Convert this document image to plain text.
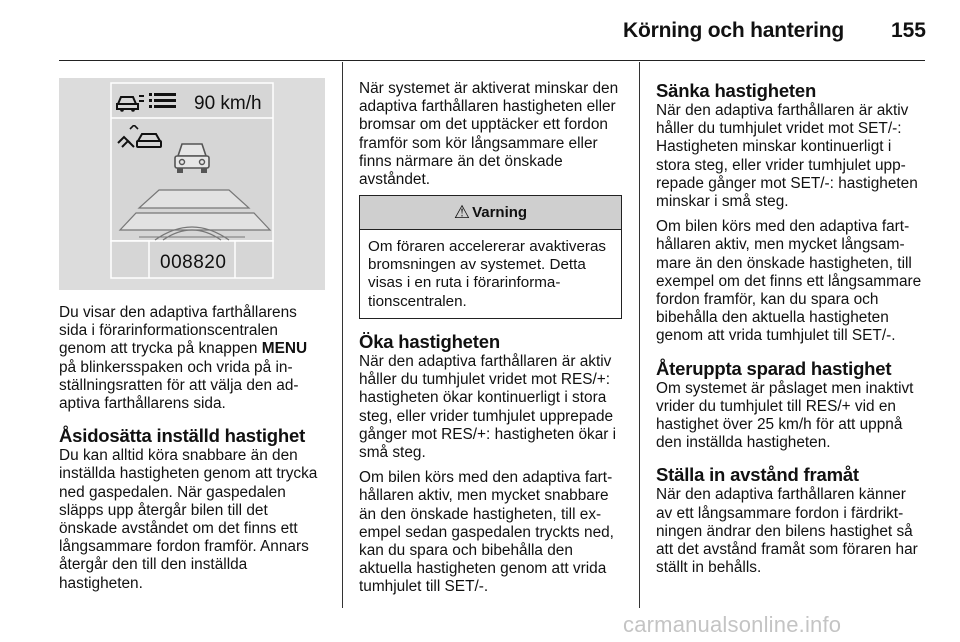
Körning och hantering 155
90 km/h
008820

Du visar den adaptiva farthållarens sida i förarinformationscentralen genom att trycka på knappen MENU på blinkersspaken och vrida på inställningsratten för att välja den adaptiva farthållarens sida.

Åsidosätta inställd hastighet

Du kan alltid köra snabbare än den inställda hastigheten genom att trycka ned gaspedalen. När gaspedalen släpps upp återgår bilen till det önskade avståndet om det finns ett långsammare fordon framför. Annars återgår den till den inställda hastigheten.

När systemet är aktiverat minskar den adaptiva farthållaren hastigheten eller bromsar om det upptäcker ett fordon framför som kör långsammare eller finns närmare än det önskade avståndet.

⚠ Varning
Om föraren accelererar avaktiveras bromsningen av systemet. Detta visas i en ruta i förarinformationscentralen.
Öka hastigheten

När den adaptiva farthållaren är aktiv håller du tumhjulet vridet mot RES/+: hastigheten ökar kontinuerligt i stora steg, eller vrider tumhjulet upprepade gånger mot RES/+: hastigheten ökar i små steg.

Om bilen körs med den adaptiva farthållaren aktiv, men mycket snabbare än den önskade hastigheten, till exempel sedan gaspedalen tryckts ned, kan du spara och bibehålla den aktuella hastigheten genom att vrida tumhjulet till SET/-.

Sänka hastigheten

När den adaptiva farthållaren är aktiv håller du tumhjulet vridet mot SET/-: Hastigheten minskar kontinuerligt i stora steg, eller vrider tumhjulet upprepade gånger mot SET/-: hastigheten minskar i små steg.

Om bilen körs med den adaptiva farthållaren aktiv, men mycket långsammare än den önskade hastigheten, till exempel om det finns ett långsammare fordon framför, kan du spara och bibehålla den aktuella hastigheten genom att vrida tumhjulet till SET/-.

Återuppta sparad hastighet

Om systemet är påslaget men inaktivt vrider du tumhjulet till RES/+ vid en hastighet över 25 km/h för att uppnå den inställda hastigheten.

Ställa in avstånd framåt

När den adaptiva farthållaren känner av ett långsammare fordon i färdriktningen ändrar den bilens hastighet så att det avstånd framåt som föraren har ställt in behålls.

carmanualsonline.info
